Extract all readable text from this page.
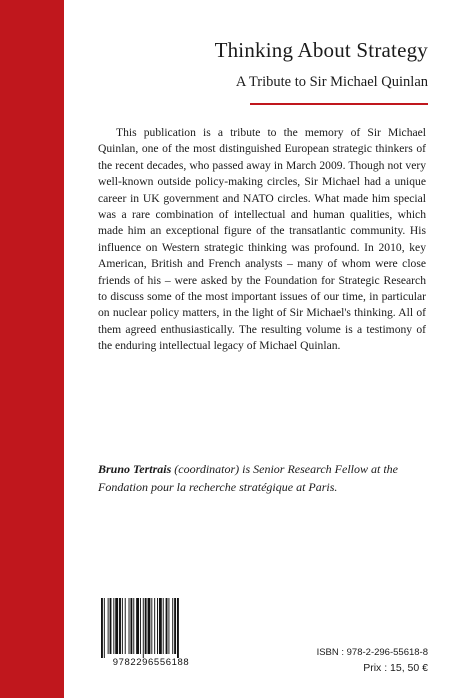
Thinking About Strategy
A Tribute to Sir Michael Quinlan

This publication is a tribute to the memory of Sir Michael Quinlan, one of the most distinguished European strategic thinkers of the recent decades, who passed away in March 2009. Though not very well-known outside policy-making circles, Sir Michael had a unique career in UK government and NATO circles. What made him special was a rare combination of intellectual and human qualities, which made him an exceptional figure of the transatlantic community. His influence on Western strategic thinking was profound. In 2010, key American, British and French analysts – many of whom were close friends of his – were asked by the Foundation for Strategic Research to discuss some of the most important issues of our time, in particular on nuclear policy matters, in the light of Sir Michael's thinking. All of them agreed enthusiastically. The resulting volume is a testimony of the enduring intellectual legacy of Michael Quinlan.

Bruno Tertrais (coordinator) is Senior Research Fellow at the Fondation pour la recherche stratégique at Paris.

9782296556188
ISBN : 978-2-296-55618-8
Prix : 15, 50 €
